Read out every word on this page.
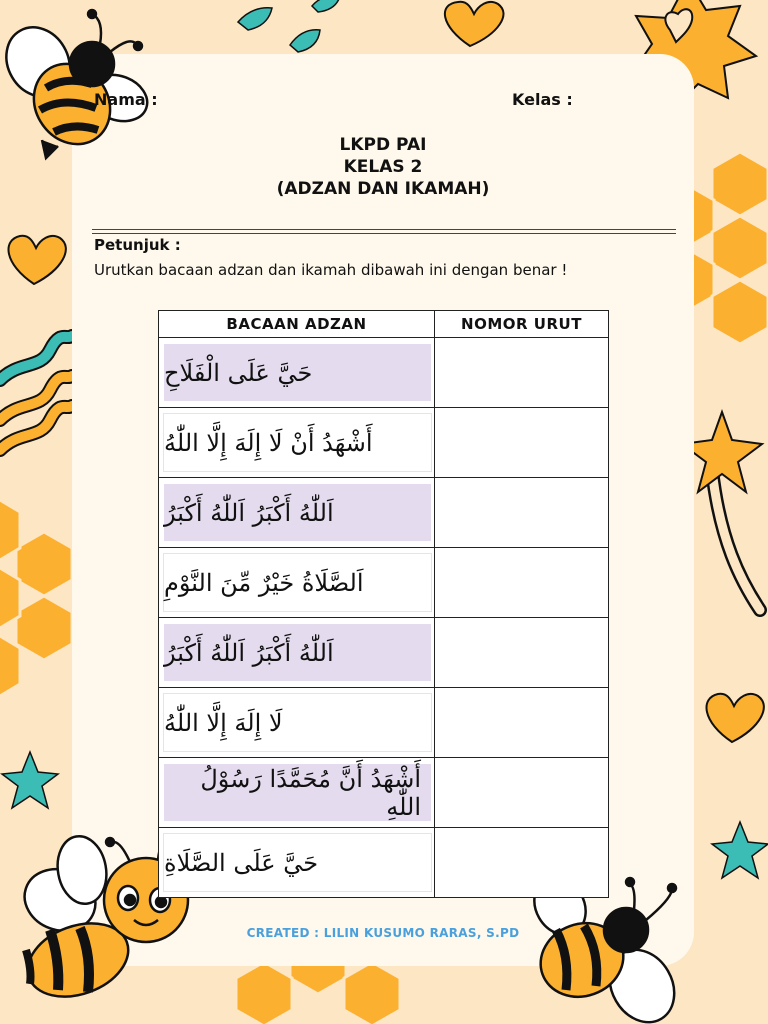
Nama :	Kelas :
LKPD PAI
KELAS 2
(ADZAN DAN IKAMAH)
Petunjuk :
Urutkan bacaan adzan dan ikamah dibawah ini dengan benar !
BACAAN ADZAN	NOMOR URUT

حَيَّ عَلَى الْفَلَاحِ	

أَشْهَدُ أَنْ لَا إِلَهَ إِلَّا اللّٰهُ	

اَللّٰهُ أَكْبَرُ اَللّٰهُ أَكْبَرُ	

اَلصَّلَاةُ خَيْرٌ مِّنَ النَّوْمِ	

اَللّٰهُ أَكْبَرُ اَللّٰهُ أَكْبَرُ	

لَا إِلَهَ إِلَّا اللّٰهُ	

أَشْهَدُ أَنَّ مُحَمَّدًا رَسُوْلُ اللّٰهِ	

حَيَّ عَلَى الصَّلَاةِ	

CREATED : LILIN KUSUMO RARAS, S.PD
